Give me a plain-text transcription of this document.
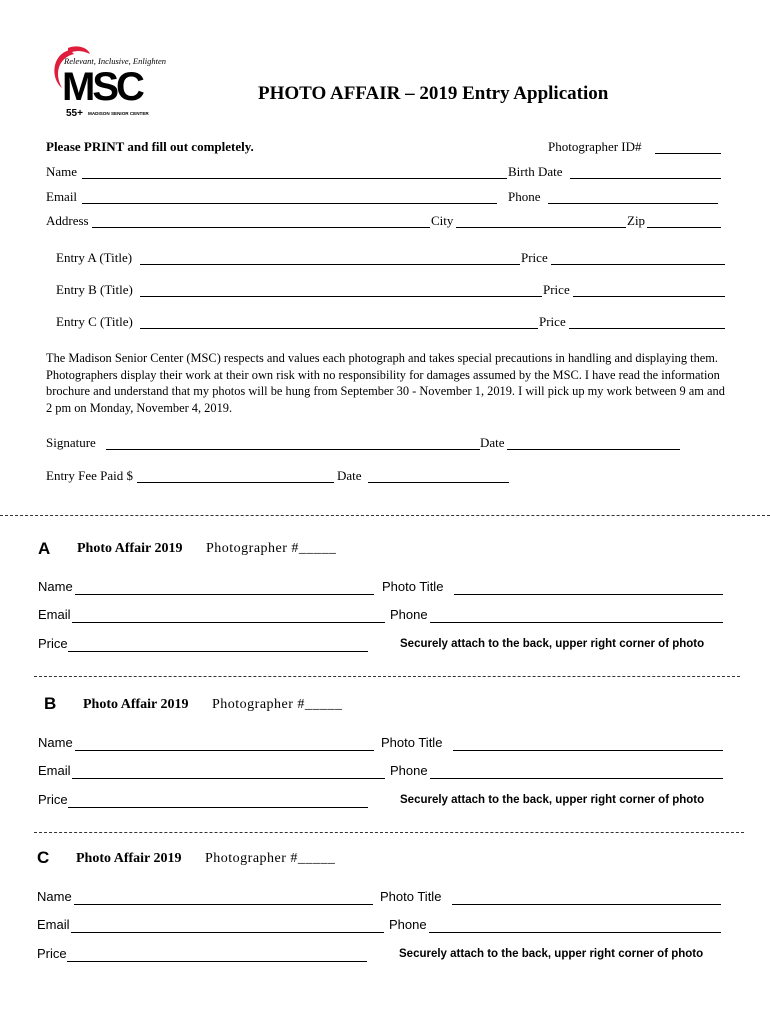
Relevant, Inclusive, Enlightened
MSC
55+ MADISON SENIOR CENTER
PHOTO AFFAIR – 2019 Entry Application
Please PRINT and fill out completely.	Photographer ID#
Name	Birth Date
Email	Phone
Address	City	Zip
Entry A (Title)	Price
Entry B (Title)	Price
Entry C (Title)	Price
The Madison Senior Center (MSC) respects and values each photograph and takes special precautions in handling and displaying them. Photographers display their work at their own risk with no responsibility for damages assumed by the MSC. I have read the information brochure and understand that my photos will be hung from September 30 - November 1, 2019. I will pick up my work between 9 am and 2 pm on Monday, November 4, 2019.
Signature	Date
Entry Fee Paid $	Date
A Photo Affair 2019 Photographer #_____
Name	Photo Title
Email	Phone
Price	Securely attach to the back, upper right corner of photo
B Photo Affair 2019 Photographer #_____
Name	Photo Title
Email	Phone
Price	Securely attach to the back, upper right corner of photo
C Photo Affair 2019 Photographer #_____
Name	Photo Title
Email	Phone
Price	Securely attach to the back, upper right corner of photo
